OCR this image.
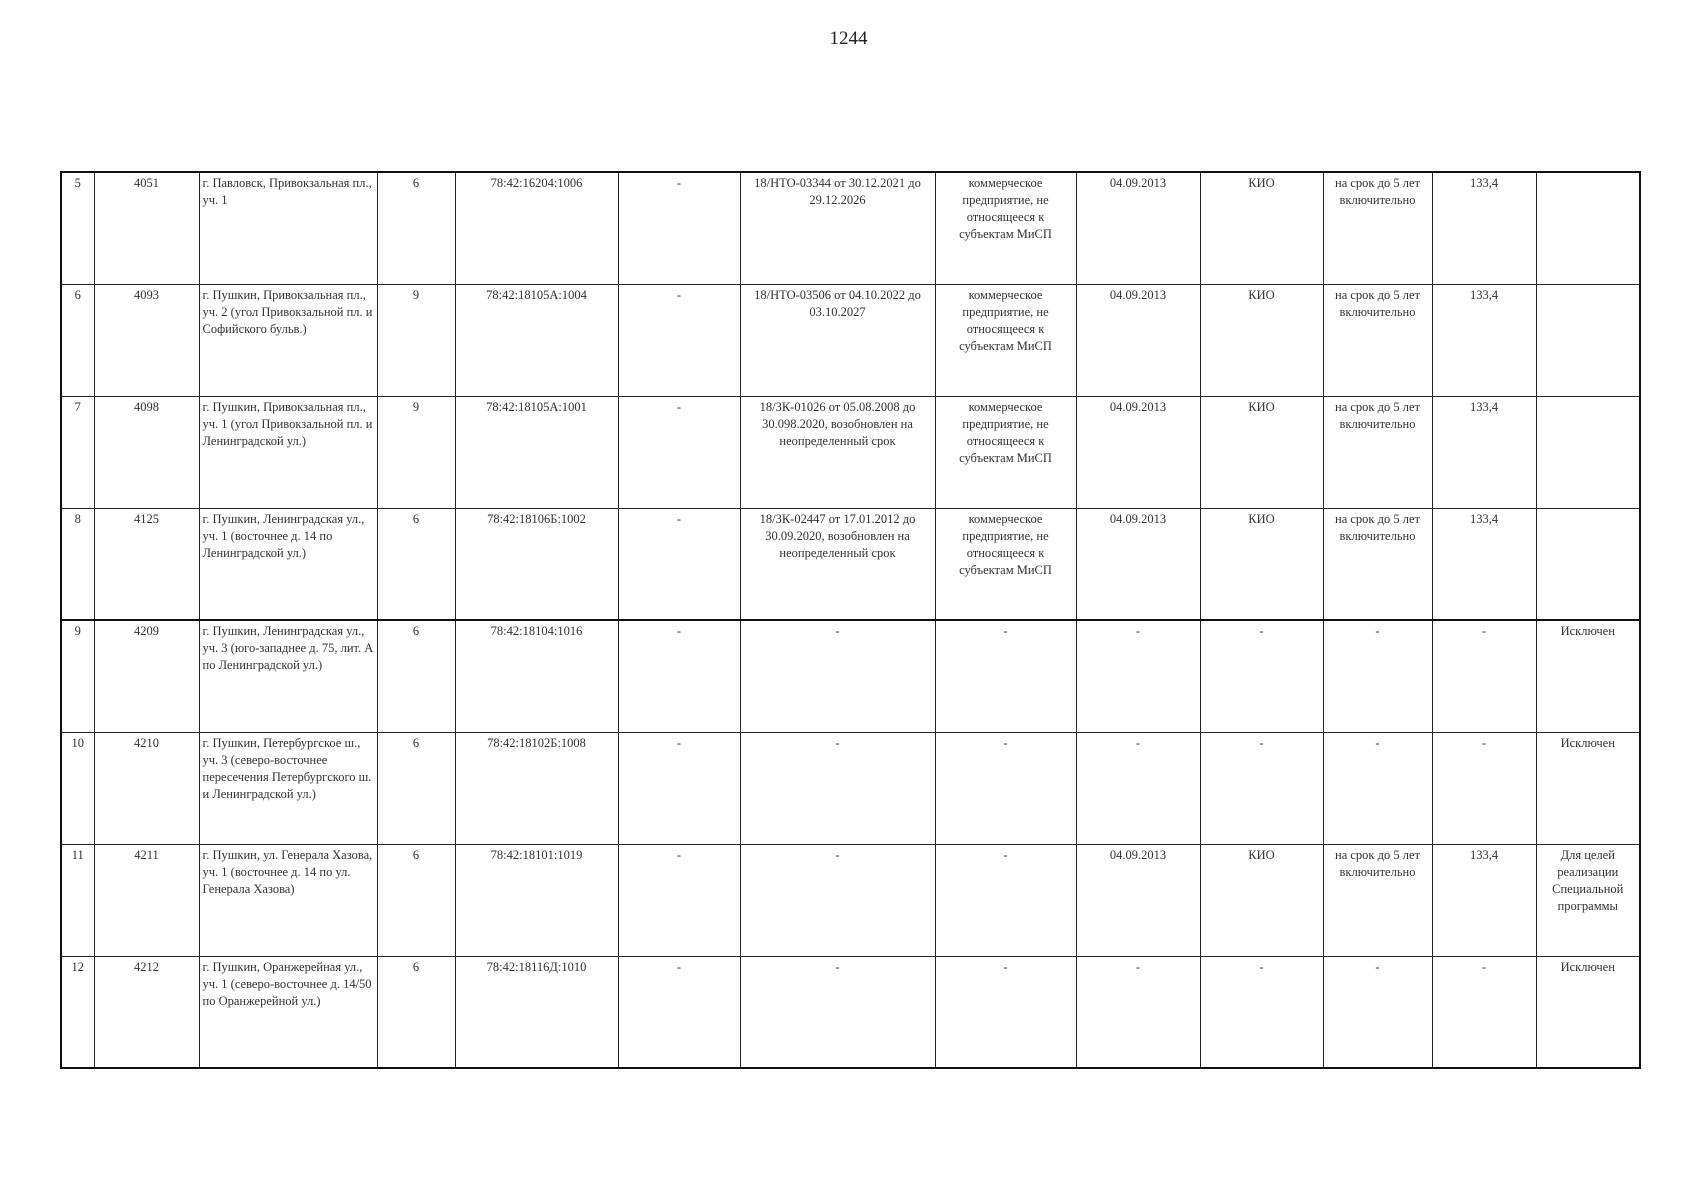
1244
5	4051	г. Павловск, Привокзальная пл., уч. 1	6	78:42:16204:1006	-	18/НТО-03344 от 30.12.2021 до 29.12.2026	коммерческое предприятие, не относящееся к субъектам МиСП	04.09.2013	КИО	на срок до 5 лет включительно	133,4	
6	4093	г. Пушкин, Привокзальная пл., уч. 2 (угол Привокзальной пл. и Софийского бульв.)	9	78:42:18105А:1004	-	18/НТО-03506 от 04.10.2022 до 03.10.2027	коммерческое предприятие, не относящееся к субъектам МиСП	04.09.2013	КИО	на срок до 5 лет включительно	133,4	
7	4098	г. Пушкин, Привокзальная пл., уч. 1 (угол Привокзальной пл. и Ленинградской ул.)	9	78:42:18105А:1001	-	18/ЗК-01026 от 05.08.2008 до 30.098.2020, возобновлен на неопределенный срок	коммерческое предприятие, не относящееся к субъектам МиСП	04.09.2013	КИО	на срок до 5 лет включительно	133,4	
8	4125	г. Пушкин, Ленинградская ул., уч. 1 (восточнее д. 14 по Ленинградской ул.)	6	78:42:18106Б:1002	-	18/ЗК-02447 от 17.01.2012 до 30.09.2020, возобновлен на неопределенный срок	коммерческое предприятие, не относящееся к субъектам МиСП	04.09.2013	КИО	на срок до 5 лет включительно	133,4	
9	4209	г. Пушкин, Ленинградская ул., уч. 3 (юго-западнее д. 75, лит. А по Ленинградской ул.)	6	78:42:18104:1016	-	-	-	-	-	-	-	Исключен
10	4210	г. Пушкин, Петербургское ш., уч. 3 (северо-восточнее пересечения Петербургского ш. и Ленинградской ул.)	6	78:42:18102Б:1008	-	-	-	-	-	-	-	Исключен
11	4211	г. Пушкин, ул. Генерала Хазова, уч. 1 (восточнее д. 14 по ул. Генерала Хазова)	6	78:42:18101:1019	-	-	-	04.09.2013	КИО	на срок до 5 лет включительно	133,4	Для целей реализации Специальной программы
12	4212	г. Пушкин, Оранжерейная ул., уч. 1 (северо-восточнее д. 14/50 по Оранжерейной ул.)	6	78:42:18116Д:1010	-	-	-	-	-	-	-	Исключен
